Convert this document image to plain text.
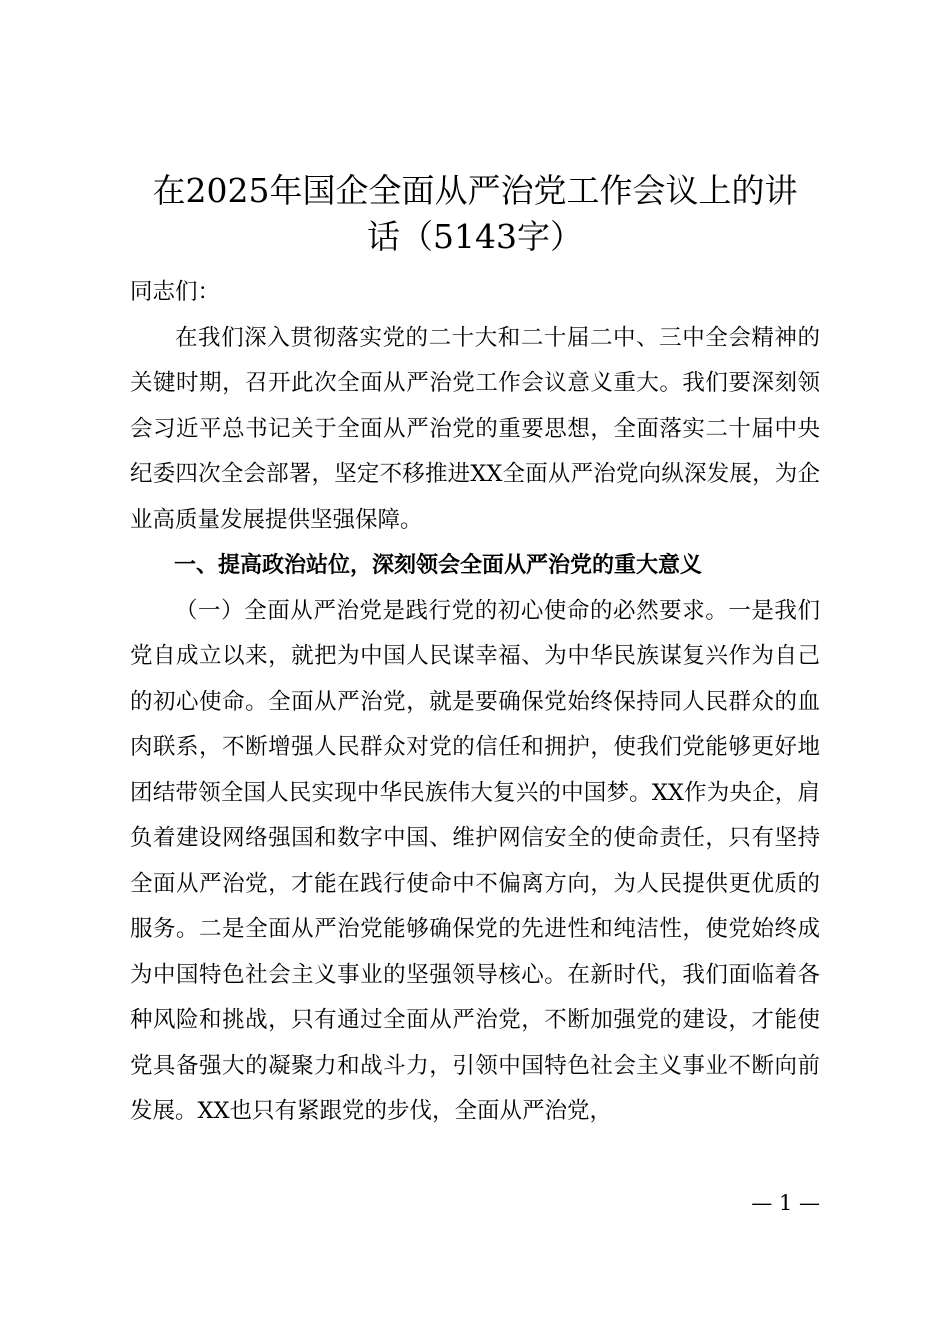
在2025年国企全面从严治党工作会议上的讲
话（5143字）

同志们：

在我们深入贯彻落实党的二十大和二十届二中、三中全会精神的关键时期，召开此次全面从严治党工作会议意义重大。我们要深刻领会习近平总书记关于全面从严治党的重要思想，全面落实二十届中央纪委四次全会部署，坚定不移推进XX全面从严治党向纵深发展，为企业高质量发展提供坚强保障。

一、提高政治站位，深刻领会全面从严治党的重大意义

（一）全面从严治党是践行党的初心使命的必然要求。一是我们党自成立以来，就把为中国人民谋幸福、为中华民族谋复兴作为自己的初心使命。全面从严治党，就是要确保党始终保持同人民群众的血肉联系，不断增强人民群众对党的信任和拥护，使我们党能够更好地团结带领全国人民实现中华民族伟大复兴的中国梦。XX作为央企，肩负着建设网络强国和数字中国、维护网信安全的使命责任，只有坚持全面从严治党，才能在践行使命中不偏离方向，为人民提供更优质的服务。二是全面从严治党能够确保党的先进性和纯洁性，使党始终成为中国特色社会主义事业的坚强领导核心。在新时代，我们面临着各种风险和挑战，只有通过全面从严治党，不断加强党的建设，才能使党具备强大的凝聚力和战斗力，引领中国特色社会主义事业不断向前发展。XX也只有紧跟党的步伐，全面从严治党，

— 1 —
